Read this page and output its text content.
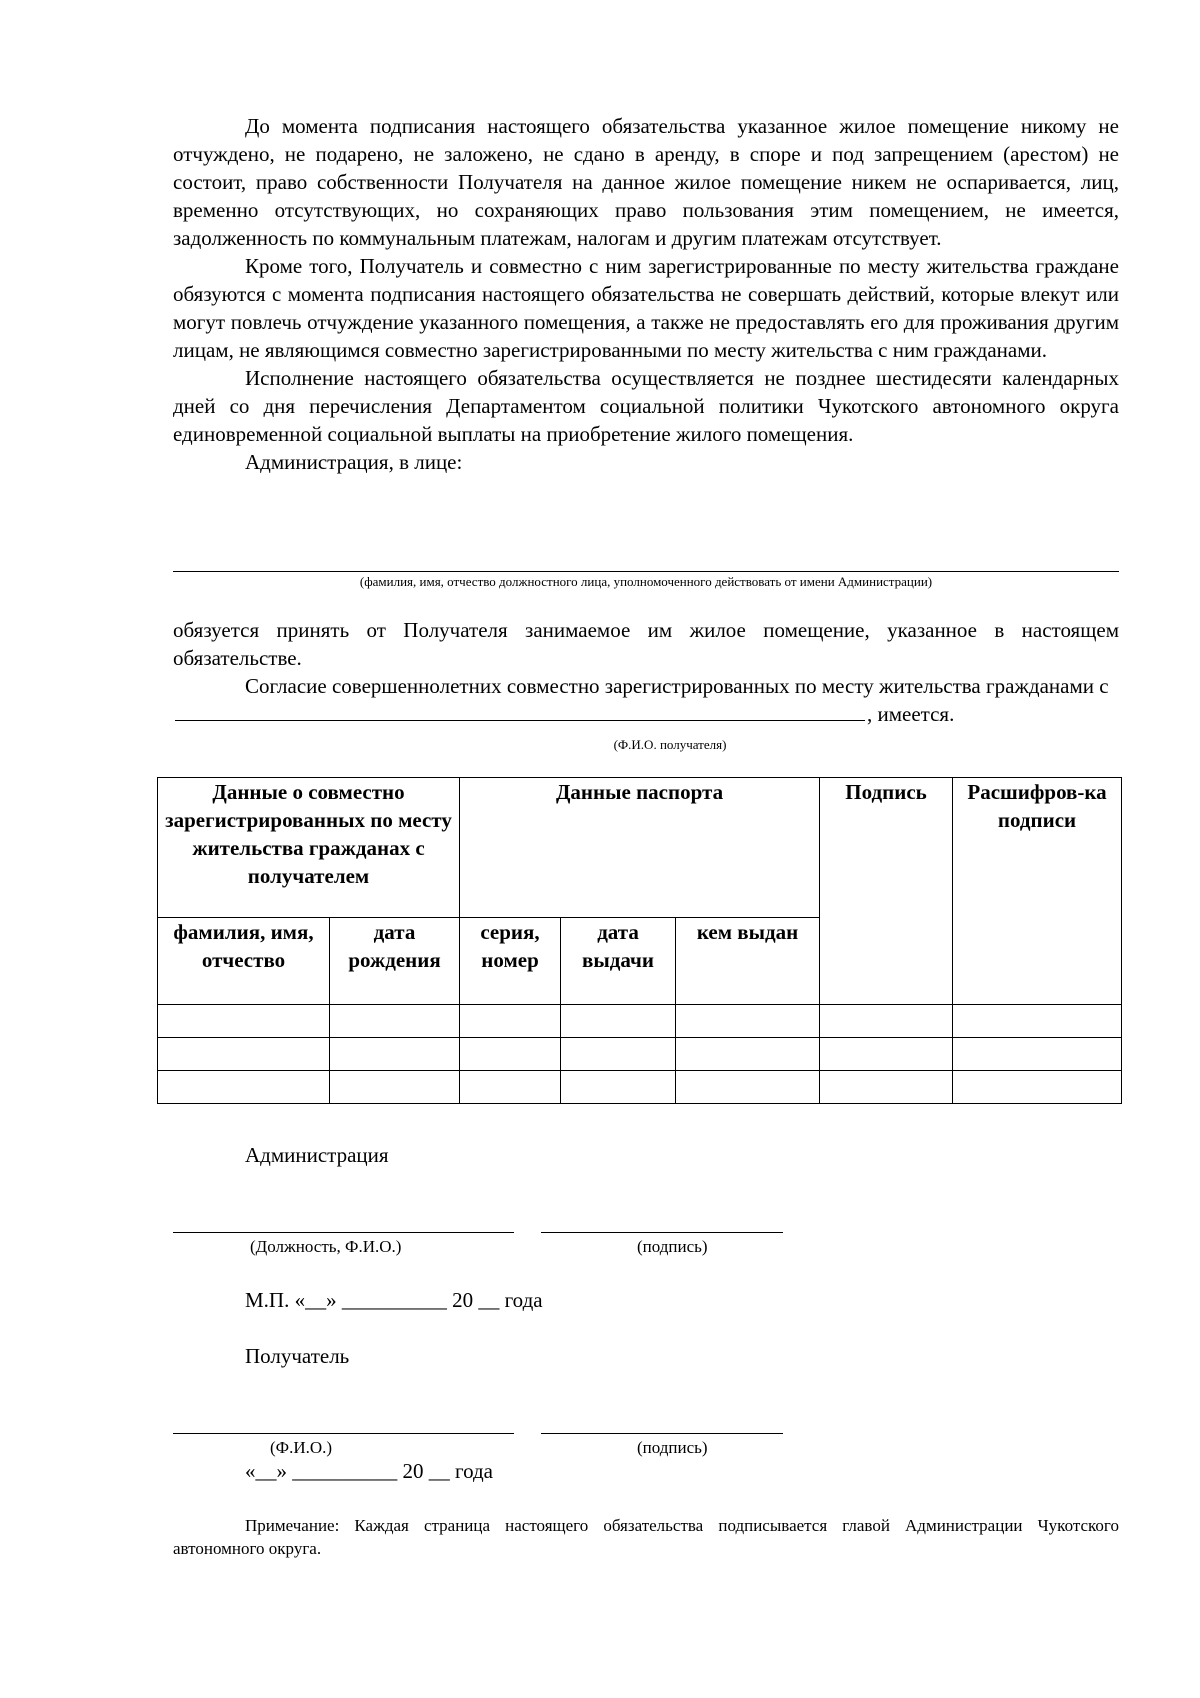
До момента подписания настоящего обязательства указанное жилое помещение никому не отчуждено, не подарено, не заложено, не сдано в аренду, в споре и под запрещением (арестом) не состоит, право собственности Получателя на данное жилое помещение никем не оспаривается, лиц, временно отсутствующих, но сохраняющих право пользования этим помещением, не имеется, задолженность по коммунальным платежам, налогам и другим платежам отсутствует.

Кроме того, Получатель и совместно с ним зарегистрированные по месту жительства граждане обязуются с момента подписания настоящего обязательства не совершать действий, которые влекут или могут повлечь отчуждение указанного помещения, а также не предоставлять его для проживания другим лицам, не являющимся совместно зарегистрированными по месту жительства с ним гражданами.

Исполнение настоящего обязательства осуществляется не позднее шестидесяти календарных дней со дня перечисления Департаментом социальной политики Чукотского автономного округа единовременной социальной выплаты на приобретение жилого помещения.

Администрация, в лице:

(фамилия, имя, отчество должностного лица, уполномоченного действовать от имени Администрации)

обязуется принять от Получателя занимаемое им жилое помещение, указанное в настоящем обязательстве.

Согласие совершеннолетних совместно зарегистрированных по месту жительства гражданами с, имеется.

(Ф.И.О. получателя)

Данные о совместно зарегистрированных по месту жительства гражданах с получателем		Данные паспорта			Подпись	Расшифров-ка подписи
фамилия, имя, отчество	дата рождения	серия, номер	дата выдачи	кем выдан		

Администрация
(Должность, Ф.И.О.)	(подпись)
М.П. «__» __________ 20 __ года
Получатель
(Ф.И.О.)	(подпись)
«__» __________ 20 __ года

Примечание: Каждая страница настоящего обязательства подписывается главой Администрации Чукотского автономного округа.
